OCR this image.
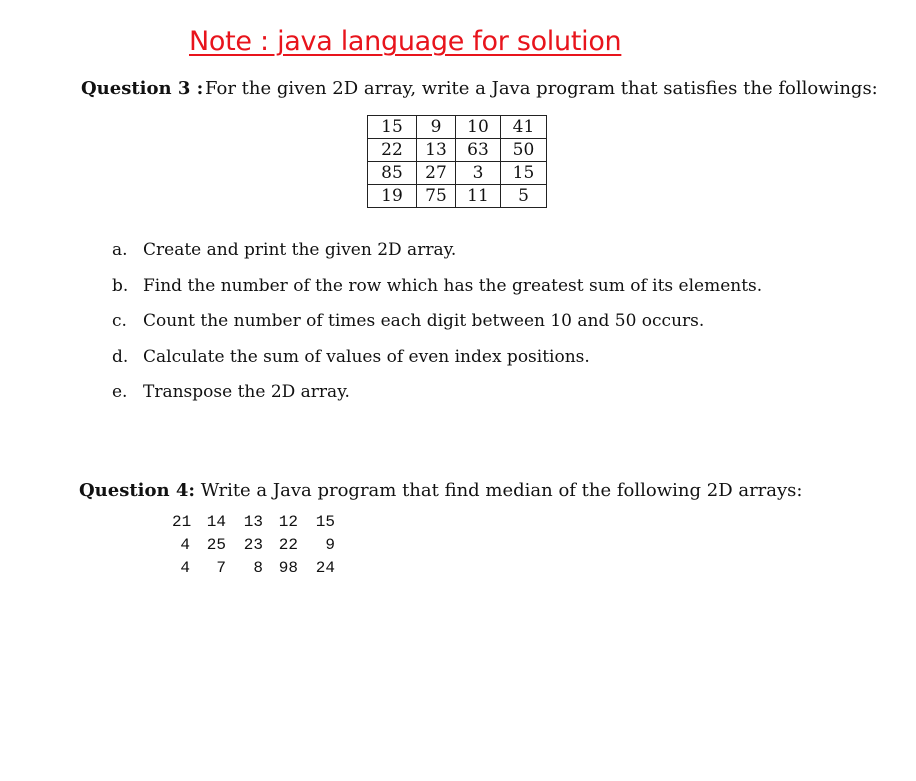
Note : java language for solution
Question 3 :For the given 2D array, write a Java program that satisfies the followings:
15	9	10	41
22	13	63	50
85	27	3	15
19	75	11	5
a. Create and print the given 2D array.
b. Find the number of the row which has the greatest sum of its elements.
c. Count the number of times each digit between 10 and 50 occurs.
d. Calculate the sum of values of even index positions.
e. Transpose the 2D array.
Question 4: Write a Java program that find median of the following 2D arrays:
21 14 13 12 15
4 25 23 22 9
4 7 8 98 24
